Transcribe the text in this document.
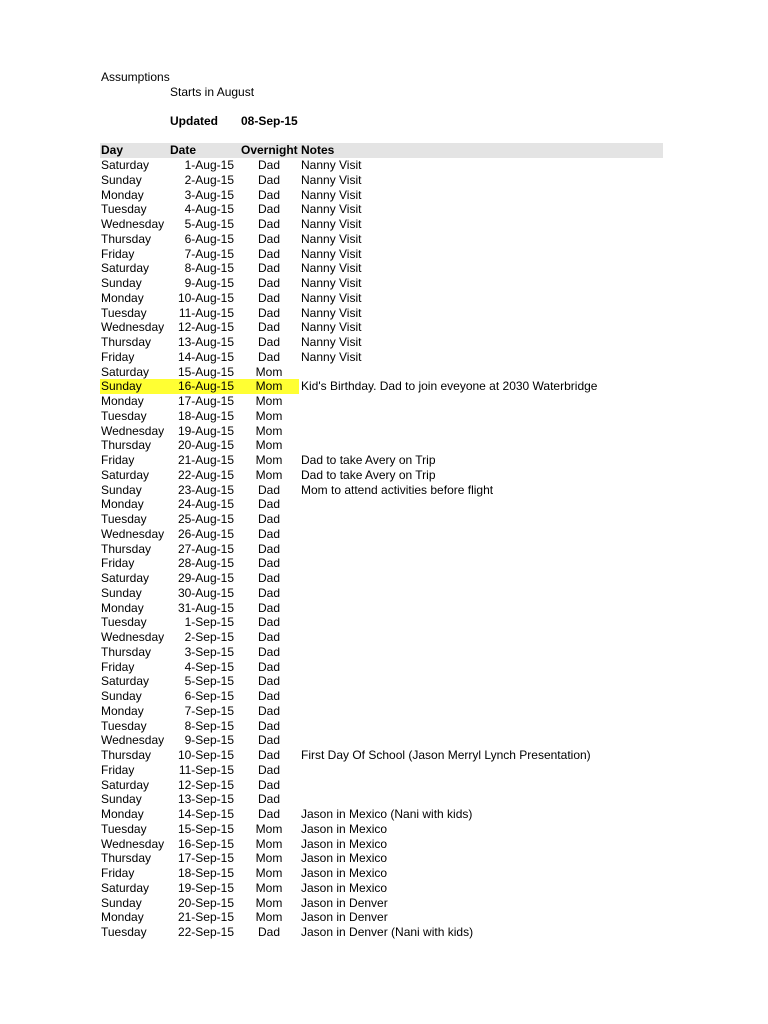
Assumptions
Starts in August
Updated 08-Sep-15
Day	Date	Overnight Notes
Saturday	1-Aug-15	Dad	Nanny Visit
Sunday	2-Aug-15	Dad	Nanny Visit
Monday	3-Aug-15	Dad	Nanny Visit
Tuesday	4-Aug-15	Dad	Nanny Visit
Wednesday	5-Aug-15	Dad	Nanny Visit
Thursday	6-Aug-15	Dad	Nanny Visit
Friday	7-Aug-15	Dad	Nanny Visit
Saturday	8-Aug-15	Dad	Nanny Visit
Sunday	9-Aug-15	Dad	Nanny Visit
Monday	10-Aug-15	Dad	Nanny Visit
Tuesday	11-Aug-15	Dad	Nanny Visit
Wednesday	12-Aug-15	Dad	Nanny Visit
Thursday	13-Aug-15	Dad	Nanny Visit
Friday	14-Aug-15	Dad	Nanny Visit
Saturday	15-Aug-15	Mom
Sunday	16-Aug-15	Mom	Kid's Birthday. Dad to join eveyone at 2030 Waterbridge
Monday	17-Aug-15	Mom
Tuesday	18-Aug-15	Mom
Wednesday	19-Aug-15	Mom
Thursday	20-Aug-15	Mom
Friday	21-Aug-15	Mom	Dad to take Avery on Trip
Saturday	22-Aug-15	Mom	Dad to take Avery on Trip
Sunday	23-Aug-15	Dad	Mom to attend activities before flight
Monday	24-Aug-15	Dad
Tuesday	25-Aug-15	Dad
Wednesday	26-Aug-15	Dad
Thursday	27-Aug-15	Dad
Friday	28-Aug-15	Dad
Saturday	29-Aug-15	Dad
Sunday	30-Aug-15	Dad
Monday	31-Aug-15	Dad
Tuesday	1-Sep-15	Dad
Wednesday	2-Sep-15	Dad
Thursday	3-Sep-15	Dad
Friday	4-Sep-15	Dad
Saturday	5-Sep-15	Dad
Sunday	6-Sep-15	Dad
Monday	7-Sep-15	Dad
Tuesday	8-Sep-15	Dad
Wednesday	9-Sep-15	Dad
Thursday	10-Sep-15	Dad	First Day Of School (Jason Merryl Lynch Presentation)
Friday	11-Sep-15	Dad
Saturday	12-Sep-15	Dad
Sunday	13-Sep-15	Dad
Monday	14-Sep-15	Dad	Jason in Mexico (Nani with kids)
Tuesday	15-Sep-15	Mom	Jason in Mexico
Wednesday	16-Sep-15	Mom	Jason in Mexico
Thursday	17-Sep-15	Mom	Jason in Mexico
Friday	18-Sep-15	Mom	Jason in Mexico
Saturday	19-Sep-15	Mom	Jason in Mexico
Sunday	20-Sep-15	Mom	Jason in Denver
Monday	21-Sep-15	Mom	Jason in Denver
Tuesday	22-Sep-15	Dad	Jason in Denver (Nani with kids)
